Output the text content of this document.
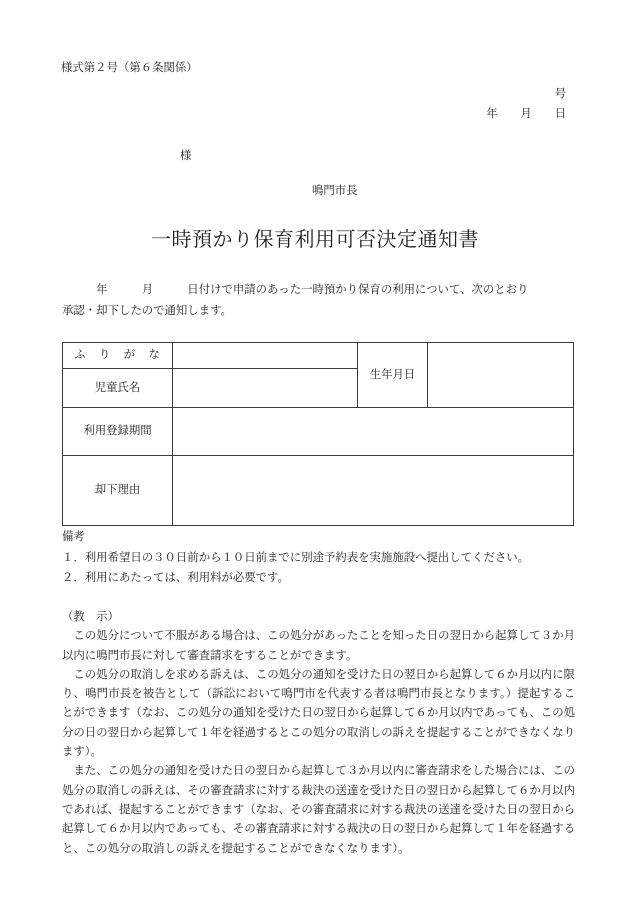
様式第２号（第６条関係）
号
年　　月　　日
様
鳴門市長
一時預かり保育利用可否決定通知書
　　　年　　　月　　　日付けで申請のあった一時預かり保育の利用について、次のとおり
承認・却下したので通知します。
ふ　り　が　な		生年月日	
児童氏名			
利用登録期間			
却下理由			
備考
１．利用希望日の３０日前から１０日前までに別途予約表を実施施設へ提出してください。
２．利用にあたっては、利用料が必要です。

（教　示）

　この処分について不服がある場合は、この処分があったことを知った日の翌日から起算して３か月以内に鳴門市長に対して審査請求をすることができます。

　この処分の取消しを求める訴えは、この処分の通知を受けた日の翌日から起算して６か月以内に限り、鳴門市長を被告として（訴訟において鳴門市を代表する者は鳴門市長となります。）提起することができます（なお、この処分の通知を受けた日の翌日から起算して６か月以内であっても、この処分の日の翌日から起算して１年を経過するとこの処分の取消しの訴えを提起することができなくなります）。

　また、この処分の通知を受けた日の翌日から起算して３か月以内に審査請求をした場合には、この処分の取消しの訴えは、その審査請求に対する裁決の送達を受けた日の翌日から起算して６か月以内であれば、提起することができます（なお、その審査請求に対する裁決の送達を受けた日の翌日から起算して６か月以内であっても、その審査請求に対する裁決の日の翌日から起算して１年を経過すると、この処分の取消しの訴えを提起することができなくなります）。
